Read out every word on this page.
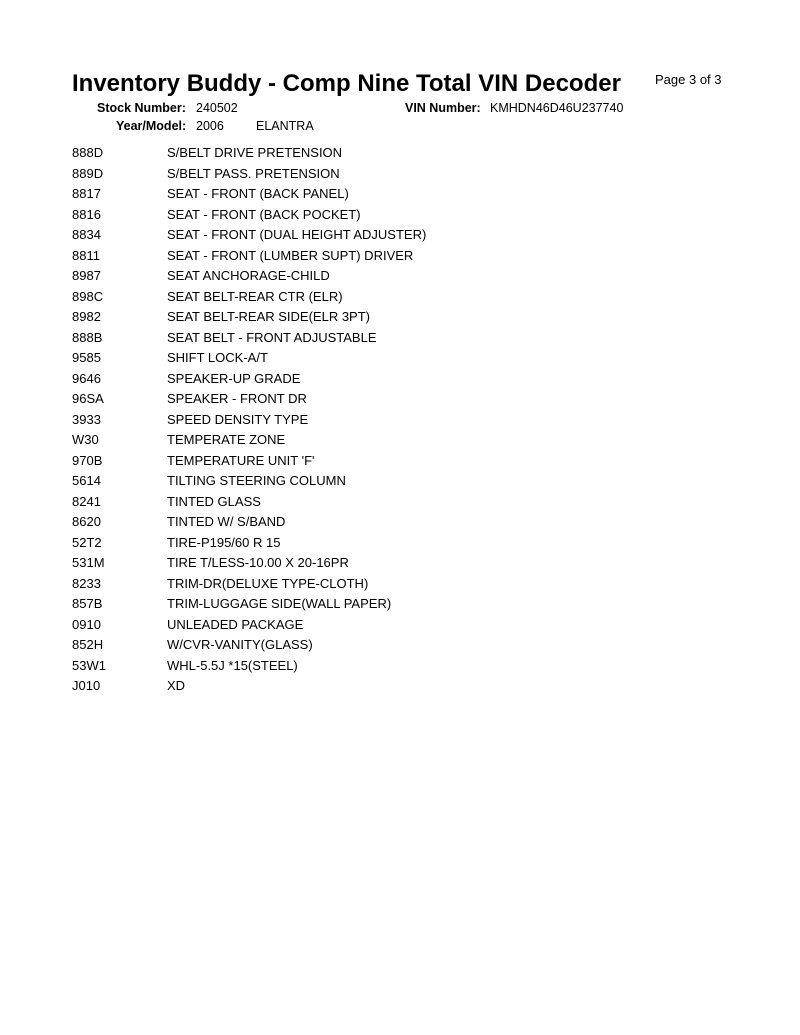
Inventory Buddy - Comp Nine Total VIN Decoder	Page 3 of 3
Stock Number: 240502	VIN Number: KMHDN46D46U237740
Year/Model: 2006	ELANTRA
888D	S/BELT DRIVE PRETENSION
889D	S/BELT PASS. PRETENSION
8817	SEAT - FRONT (BACK PANEL)
8816	SEAT - FRONT (BACK POCKET)
8834	SEAT - FRONT (DUAL HEIGHT ADJUSTER)
8811	SEAT - FRONT (LUMBER SUPT) DRIVER
8987	SEAT ANCHORAGE-CHILD
898C	SEAT BELT-REAR CTR (ELR)
8982	SEAT BELT-REAR SIDE(ELR 3PT)
888B	SEAT BELT - FRONT ADJUSTABLE
9585	SHIFT LOCK-A/T
9646	SPEAKER-UP GRADE
96SA	SPEAKER - FRONT DR
3933	SPEED DENSITY TYPE
W30	TEMPERATE ZONE
970B	TEMPERATURE UNIT 'F'
5614	TILTING STEERING COLUMN
8241	TINTED GLASS
8620	TINTED W/ S/BAND
52T2	TIRE-P195/60 R 15
531M	TIRE T/LESS-10.00 X 20-16PR
8233	TRIM-DR(DELUXE TYPE-CLOTH)
857B	TRIM-LUGGAGE SIDE(WALL PAPER)
0910	UNLEADED PACKAGE
852H	W/CVR-VANITY(GLASS)
53W1	WHL-5.5J *15(STEEL)
J010	XD
